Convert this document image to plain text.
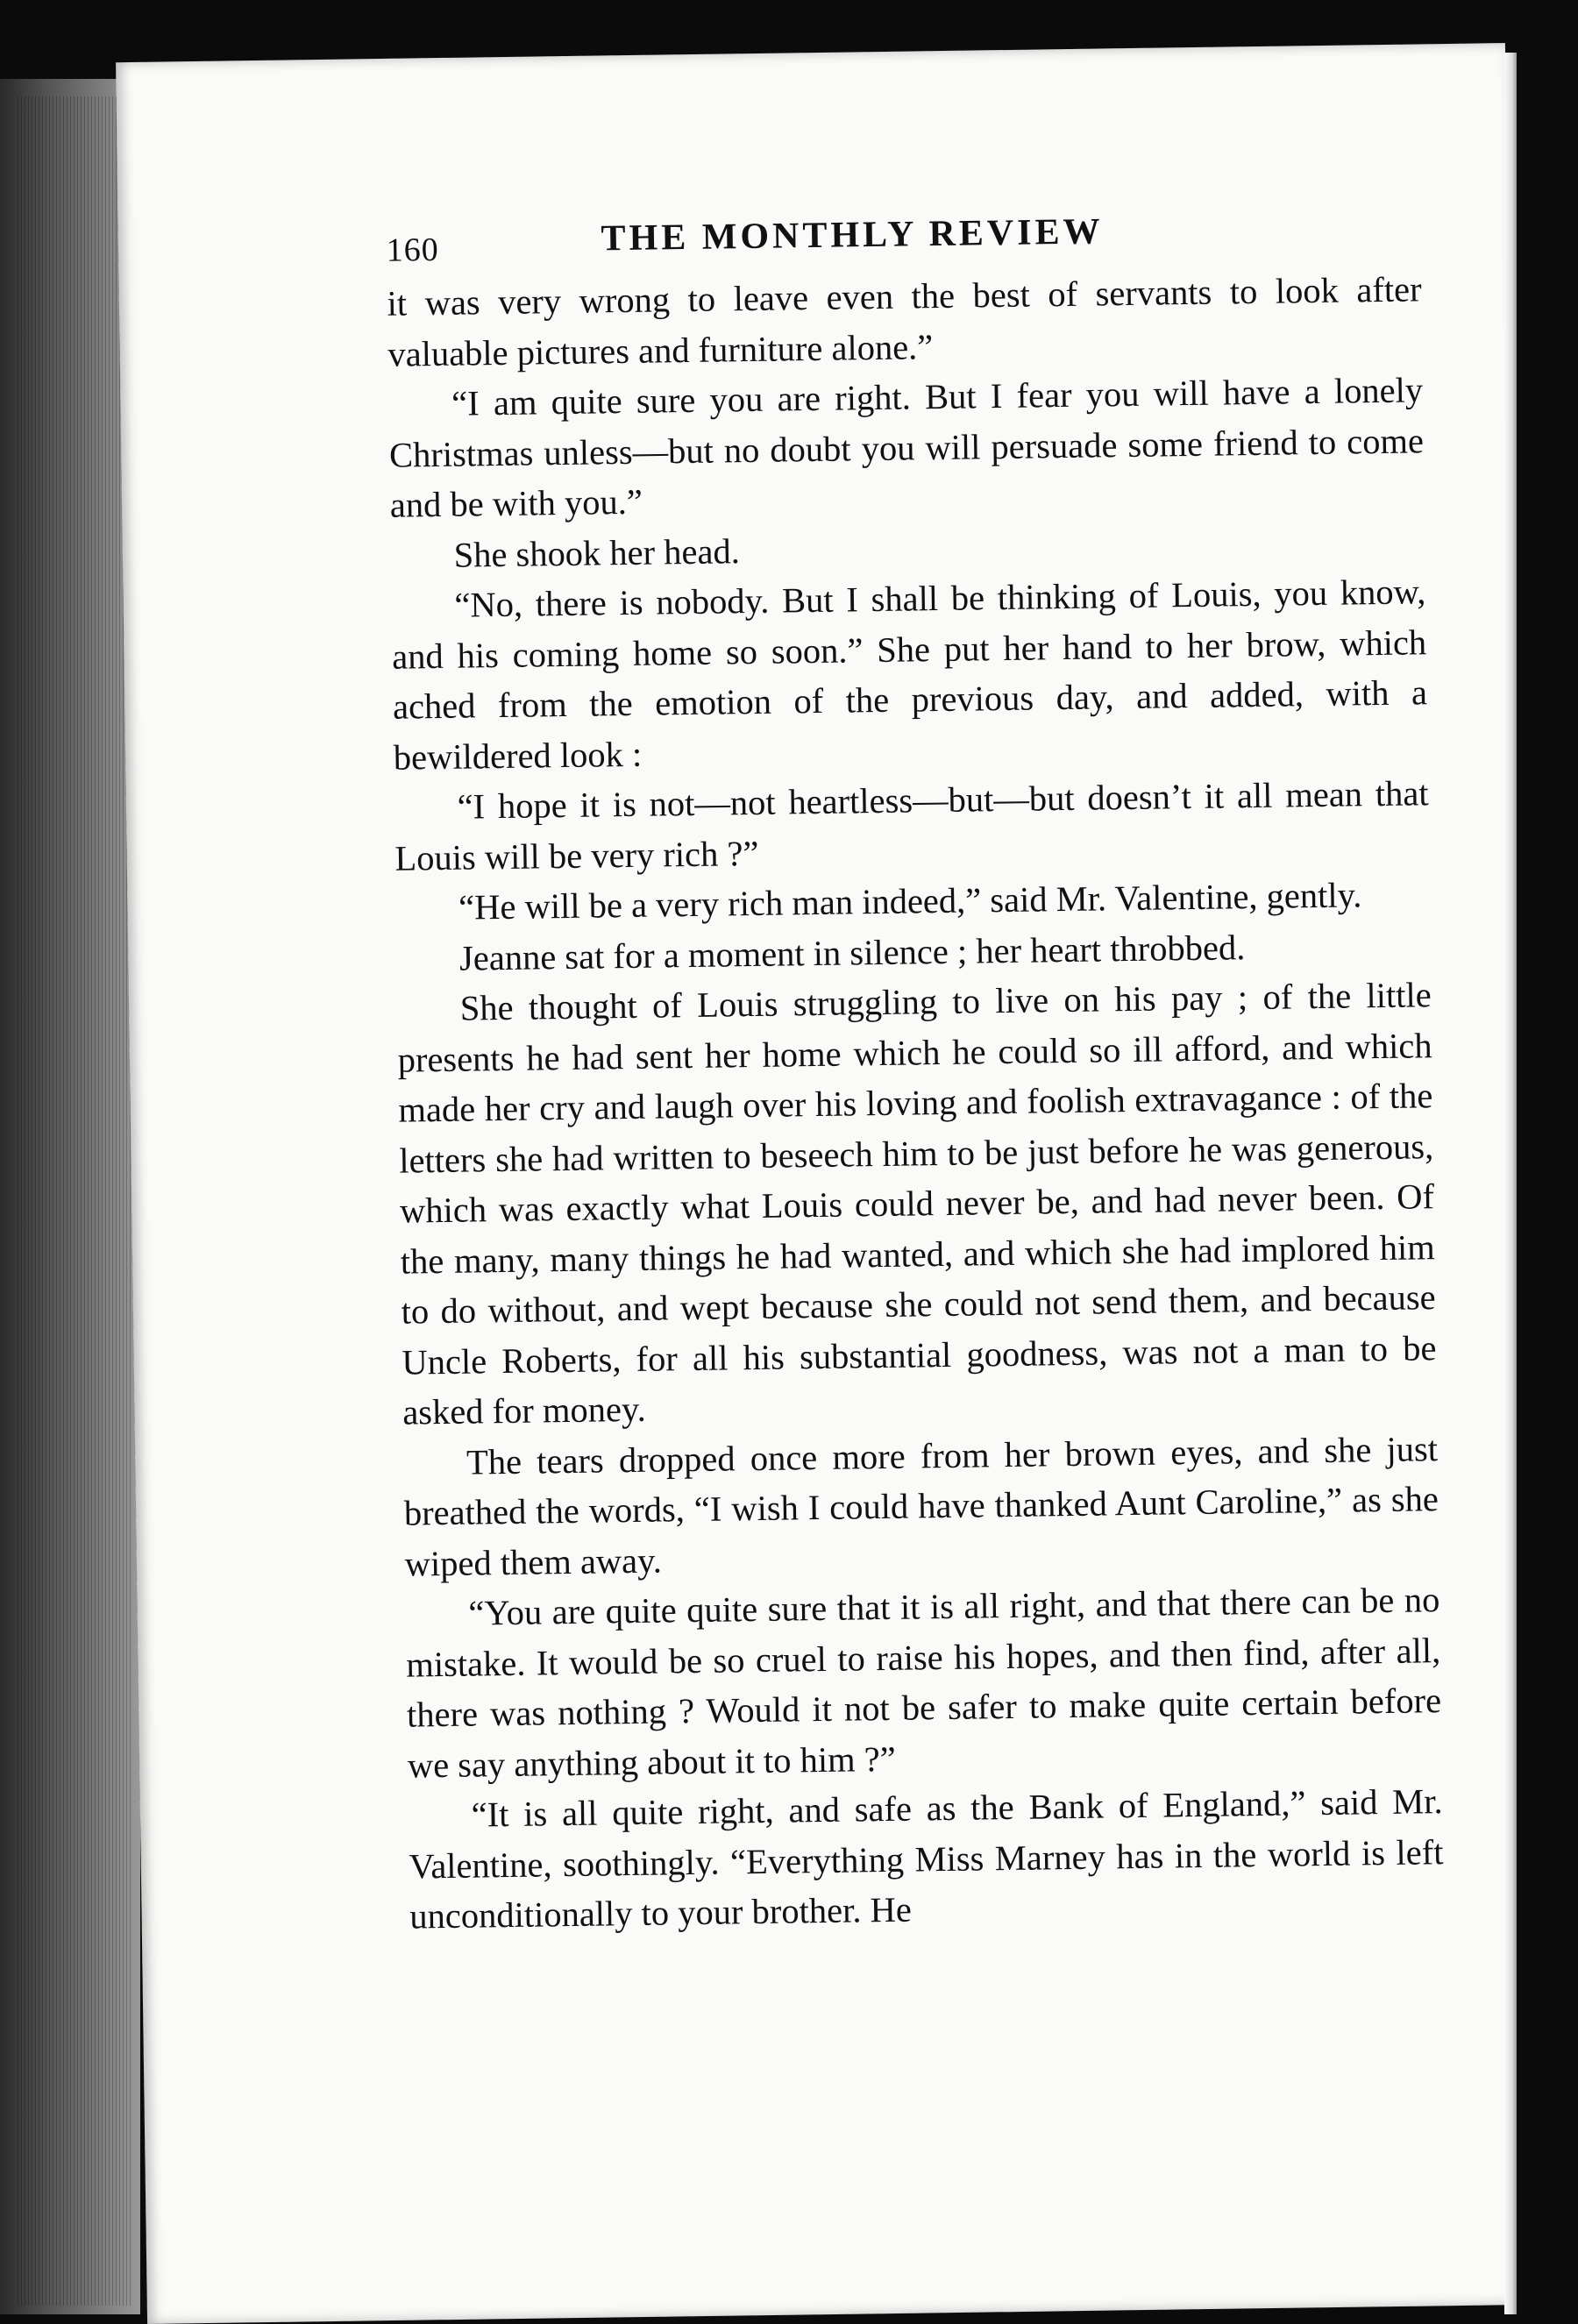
160	THE MONTHLY REVIEW

it was very wrong to leave even the best of servants to look after valuable pictures and furniture alone.”

“I am quite sure you are right. But I fear you will have a lonely Christmas unless—but no doubt you will persuade some friend to come and be with you.”

She shook her head.

“No, there is nobody. But I shall be thinking of Louis, you know, and his coming home so soon.” She put her hand to her brow, which ached from the emotion of the previous day, and added, with a bewildered look :

“I hope it is not—not heartless—but—but doesn’t it all mean that Louis will be very rich ?”

“He will be a very rich man indeed,” said Mr. Valentine, gently.

Jeanne sat for a moment in silence ; her heart throbbed.

She thought of Louis struggling to live on his pay ; of the little presents he had sent her home which he could so ill afford, and which made her cry and laugh over his loving and foolish extravagance : of the letters she had written to beseech him to be just before he was generous, which was exactly what Louis could never be, and had never been. Of the many, many things he had wanted, and which she had implored him to do without, and wept because she could not send them, and because Uncle Roberts, for all his substantial goodness, was not a man to be asked for money.

The tears dropped once more from her brown eyes, and she just breathed the words, “I wish I could have thanked Aunt Caroline,” as she wiped them away.

“You are quite quite sure that it is all right, and that there can be no mistake. It would be so cruel to raise his hopes, and then find, after all, there was nothing ? Would it not be safer to make quite certain before we say anything about it to him ?”

“It is all quite right, and safe as the Bank of England,” said Mr. Valentine, soothingly. “Everything Miss Marney has in the world is left unconditionally to your brother. He
